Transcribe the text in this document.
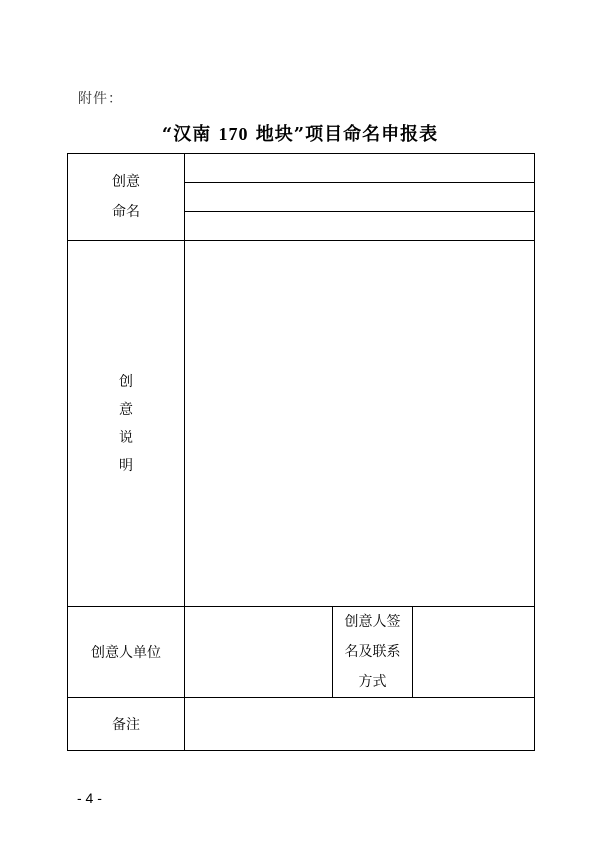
附件：
“汉南 170 地块”项目命名申报表
创意
命名			

创
意
说
明			

创意人单位		创意人签
名及联系
方式	

备注			
- 4 -
